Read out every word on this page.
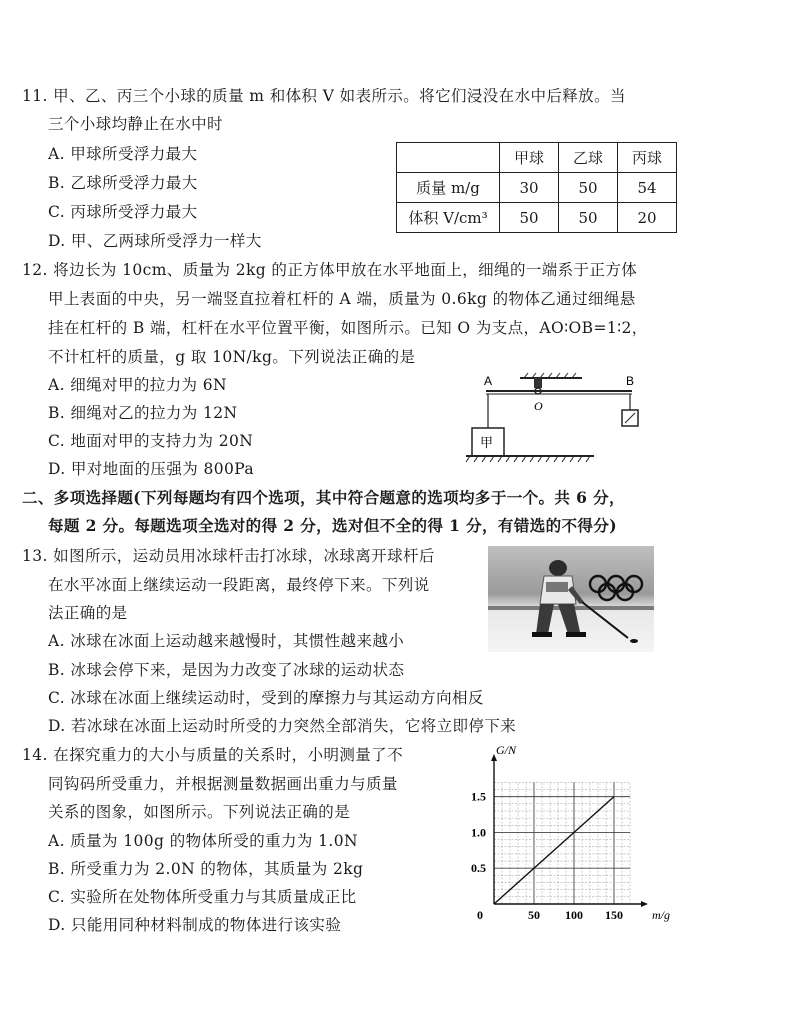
11. 甲、乙、丙三个小球的质量 m 和体积 V 如表所示。将它们浸没在水中后释放。当
三个小球均静止在水中时
A. 甲球所受浮力最大
B. 乙球所受浮力最大
C. 丙球所受浮力最大
D. 甲、乙两球所受浮力一样大
	甲球	乙球	丙球
质量 m/g	30	50	54
体积 V/cm³	50	50	20
12. 将边长为 10cm、质量为 2kg 的正方体甲放在水平地面上，细绳的一端系于正方体
甲上表面的中央，另一端竖直拉着杠杆的 A 端，质量为 0.6kg 的物体乙通过细绳悬
挂在杠杆的 B 端，杠杆在水平位置平衡，如图所示。已知 O 为支点，AO∶OB=1∶2，
不计杠杆的质量，g 取 10N/kg。下列说法正确的是
A. 细绳对甲的拉力为 6N
B. 细绳对乙的拉力为 12N
C. 地面对甲的支持力为 20N
D. 甲对地面的压强为 800Pa
A	B
O
甲
二、多项选择题(下列每题均有四个选项，其中符合题意的选项均多于一个。共 6 分，
每题 2 分。每题选项全选对的得 2 分，选对但不全的得 1 分，有错选的不得分)
13. 如图所示，运动员用冰球杆击打冰球，冰球离开球杆后
在水平冰面上继续运动一段距离，最终停下来。下列说
法正确的是
A. 冰球在冰面上运动越来越慢时，其惯性越来越小
B. 冰球会停下来，是因为力改变了冰球的运动状态
C. 冰球在冰面上继续运动时，受到的摩擦力与其运动方向相反
D. 若冰球在冰面上运动时所受的力突然全部消失，它将立即停下来
14. 在探究重力的大小与质量的关系时，小明测量了不
同钩码所受重力，并根据测量数据画出重力与质量
关系的图象，如图所示。下列说法正确的是
A. 质量为 100g 的物体所受的重力为 1.0N
B. 所受重力为 2.0N 的物体，其质量为 2kg
C. 实验所在处物体所受重力与其质量成正比
D. 只能用同种材料制成的物体进行该实验
0	50 100 150
0.5
1.0
1.5
m/g
G/N
